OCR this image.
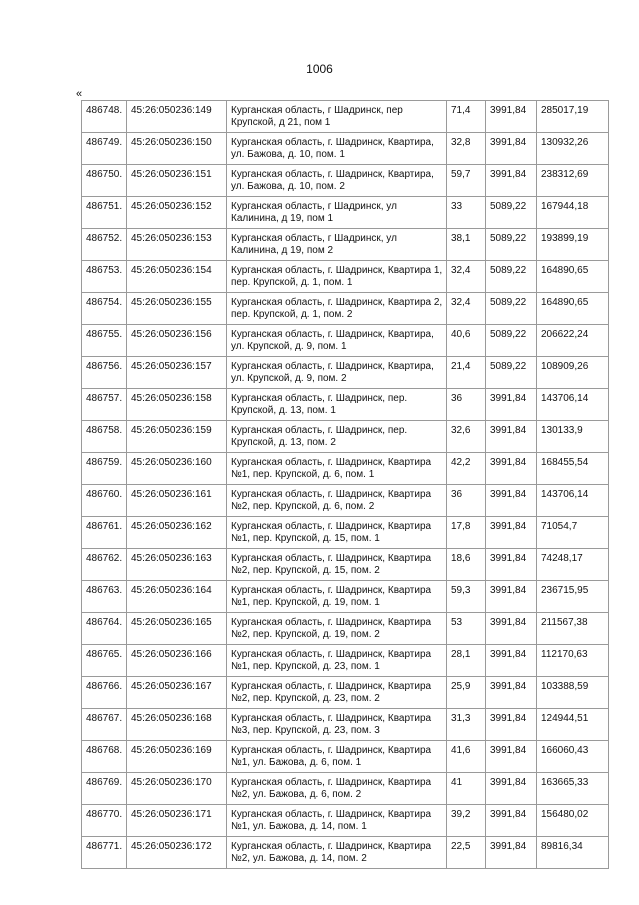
1006
«
486748.	45:26:050236:149	Курганская область, г Шадринск, пер Крупской, д 21, пом 1	71,4	3991,84	285017,19
486749.	45:26:050236:150	Курганская область, г. Шадринск, Квартира, ул. Бажова, д. 10, пом. 1	32,8	3991,84	130932,26
486750.	45:26:050236:151	Курганская область, г. Шадринск, Квартира, ул. Бажова, д. 10, пом. 2	59,7	3991,84	238312,69
486751.	45:26:050236:152	Курганская область, г Шадринск, ул Калинина, д 19, пом 1	33	5089,22	167944,18
486752.	45:26:050236:153	Курганская область, г Шадринск, ул Калинина, д 19, пом 2	38,1	5089,22	193899,19
486753.	45:26:050236:154	Курганская область, г. Шадринск, Квартира 1, пер. Крупской, д. 1, пом. 1	32,4	5089,22	164890,65
486754.	45:26:050236:155	Курганская область, г. Шадринск, Квартира 2, пер. Крупской, д. 1, пом. 2	32,4	5089,22	164890,65
486755.	45:26:050236:156	Курганская область, г. Шадринск, Квартира, ул. Крупской, д. 9, пом. 1	40,6	5089,22	206622,24
486756.	45:26:050236:157	Курганская область, г. Шадринск, Квартира, ул. Крупской, д. 9, пом. 2	21,4	5089,22	108909,26
486757.	45:26:050236:158	Курганская область, г. Шадринск, пер. Крупской, д. 13, пом. 1	36	3991,84	143706,14
486758.	45:26:050236:159	Курганская область, г. Шадринск, пер. Крупской, д. 13, пом. 2	32,6	3991,84	130133,9
486759.	45:26:050236:160	Курганская область, г. Шадринск, Квартира №1, пер. Крупской, д. 6, пом. 1	42,2	3991,84	168455,54
486760.	45:26:050236:161	Курганская область, г. Шадринск, Квартира №2, пер. Крупской, д. 6, пом. 2	36	3991,84	143706,14
486761.	45:26:050236:162	Курганская область, г. Шадринск, Квартира №1, пер. Крупской, д. 15, пом. 1	17,8	3991,84	71054,7
486762.	45:26:050236:163	Курганская область, г. Шадринск, Квартира №2, пер. Крупской, д. 15, пом. 2	18,6	3991,84	74248,17
486763.	45:26:050236:164	Курганская область, г. Шадринск, Квартира №1, пер. Крупской, д. 19, пом. 1	59,3	3991,84	236715,95
486764.	45:26:050236:165	Курганская область, г. Шадринск, Квартира №2, пер. Крупской, д. 19, пом. 2	53	3991,84	211567,38
486765.	45:26:050236:166	Курганская область, г. Шадринск, Квартира №1, пер. Крупской, д. 23, пом. 1	28,1	3991,84	112170,63
486766.	45:26:050236:167	Курганская область, г. Шадринск, Квартира №2, пер. Крупской, д. 23, пом. 2	25,9	3991,84	103388,59
486767.	45:26:050236:168	Курганская область, г. Шадринск, Квартира №3, пер. Крупской, д. 23, пом. 3	31,3	3991,84	124944,51
486768.	45:26:050236:169	Курганская область, г. Шадринск, Квартира №1, ул. Бажова, д. 6, пом. 1	41,6	3991,84	166060,43
486769.	45:26:050236:170	Курганская область, г. Шадринск, Квартира №2, ул. Бажова, д. 6, пом. 2	41	3991,84	163665,33
486770.	45:26:050236:171	Курганская область, г. Шадринск, Квартира №1, ул. Бажова, д. 14, пом. 1	39,2	3991,84	156480,02
486771.	45:26:050236:172	Курганская область, г. Шадринск, Квартира №2, ул. Бажова, д. 14, пом. 2	22,5	3991,84	89816,34
